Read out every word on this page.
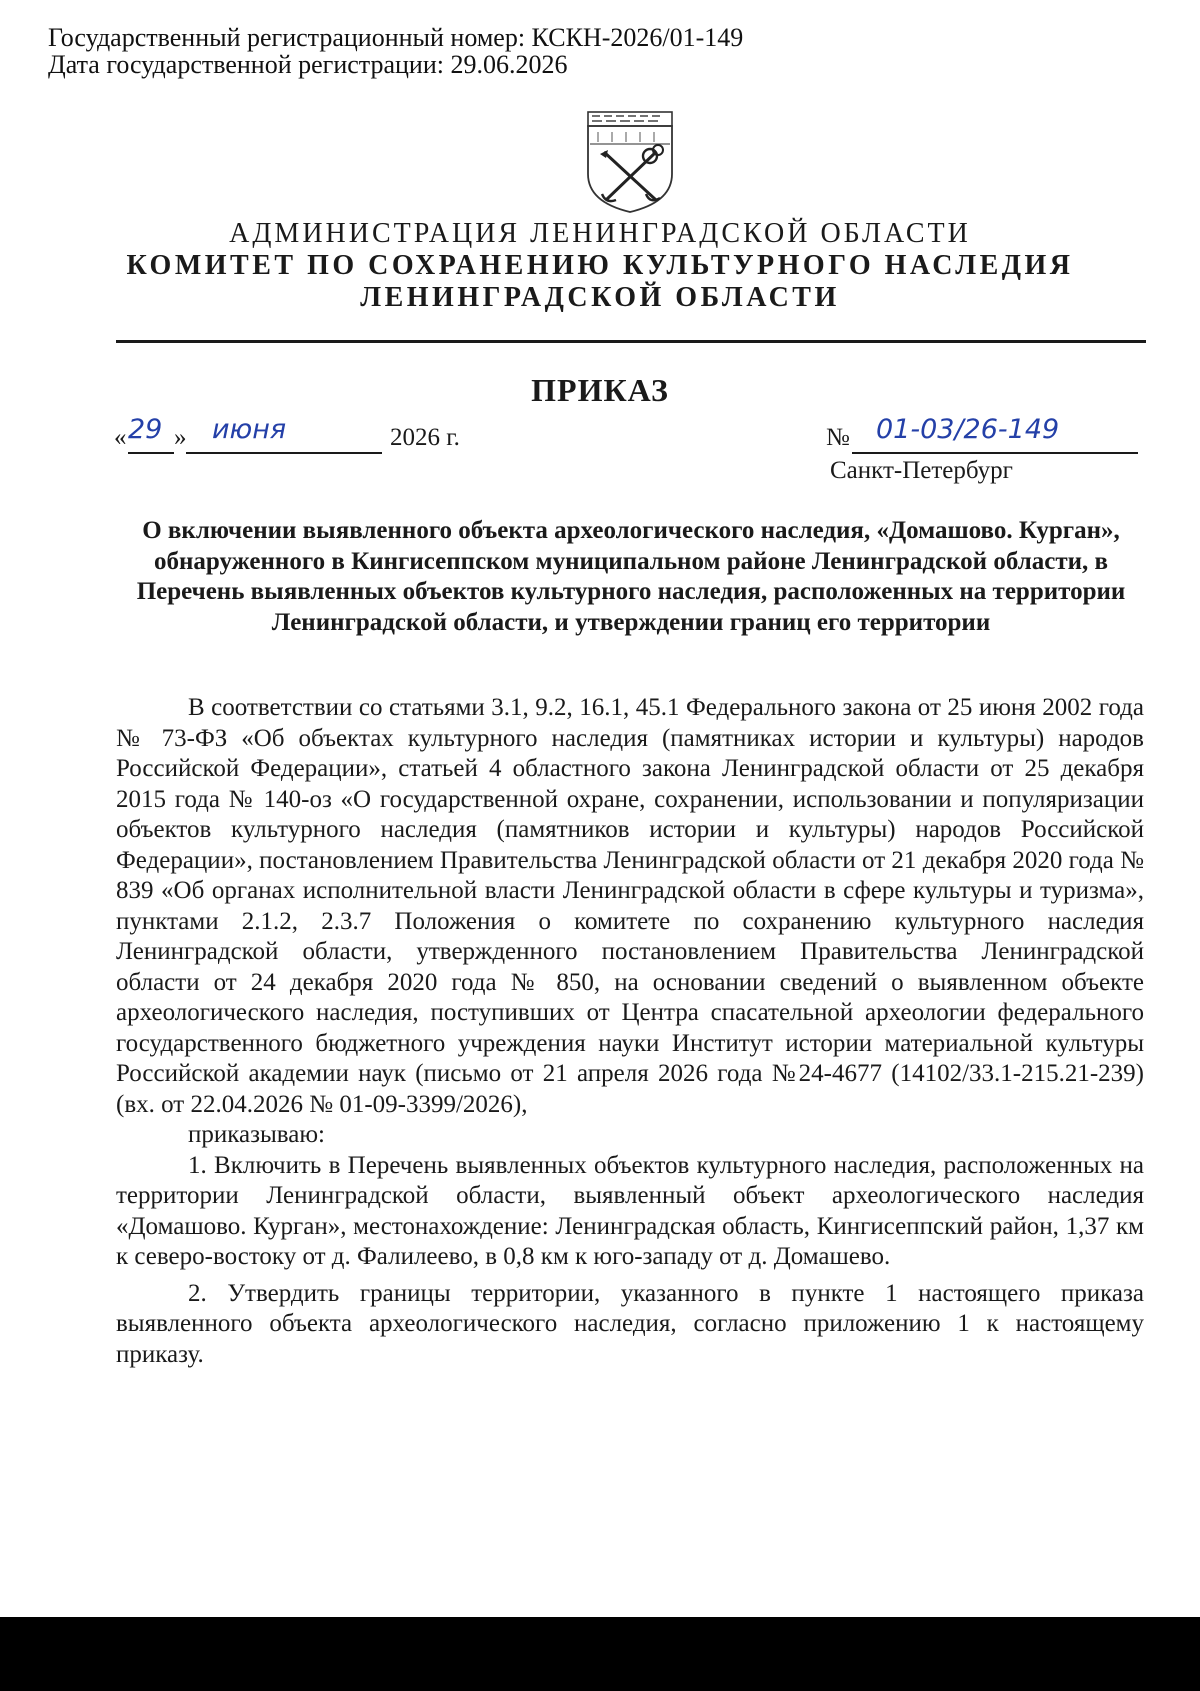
Государственный регистрационный номер: КСКН-2026/01-149
Дата государственной регистрации: 29.06.2026
АДМИНИСТРАЦИЯ ЛЕНИНГРАДСКОЙ ОБЛАСТИ
КОМИТЕТ ПО СОХРАНЕНИЮ КУЛЬТУРНОГО НАСЛЕДИЯ
ЛЕНИНГРАДСКОЙ ОБЛАСТИ
ПРИКАЗ
« 29 » июня	2026 г.	№ 01-03/26-149
Санкт-Петербург
О включении выявленного объекта археологического наследия, «Домашово. Курган», обнаруженного в Кингисеппском муниципальном районе Ленинградской области, в Перечень выявленных объектов культурного наследия, расположенных на территории Ленинградской области, и утверждении границ его территории

В соответствии со статьями 3.1, 9.2, 16.1, 45.1 Федерального закона от 25 июня 2002 года № 73-ФЗ «Об объектах культурного наследия (памятниках истории и культуры) народов Российской Федерации», статьей 4 областного закона Ленинградской области от 25 декабря 2015 года № 140-оз «О государственной охране, сохранении, использовании и популяризации объектов культурного наследия (памятников истории и культуры) народов Российской Федерации», постановлением Правительства Ленинградской области от 21 декабря 2020 года № 839 «Об органах исполнительной власти Ленинградской области в сфере культуры и туризма», пунктами 2.1.2, 2.3.7 Положения о комитете по сохранению культурного наследия Ленинградской области, утвержденного постановлением Правительства Ленинградской области от 24 декабря 2020 года № 850, на основании сведений о выявленном объекте археологического наследия, поступивших от Центра спасательной археологии федерального государственного бюджетного учреждения науки Институт истории материальной культуры Российской академии наук (письмо от 21 апреля 2026 года №24-4677 (14102/33.1-215.21-239) (вх. от 22.04.2026 № 01-09-3399/2026),

приказываю:

1. Включить в Перечень выявленных объектов культурного наследия, расположенных на территории Ленинградской области, выявленный объект археологического наследия «Домашово. Курган», местонахождение: Ленинградская область, Кингисеппский район, 1,37 км к северо-востоку от д. Фалилеево, в 0,8 км к юго-западу от д. Домашево.

2. Утвердить границы территории, указанного в пункте 1 настоящего приказа выявленного объекта археологического наследия, согласно приложению 1 к настоящему приказу.
